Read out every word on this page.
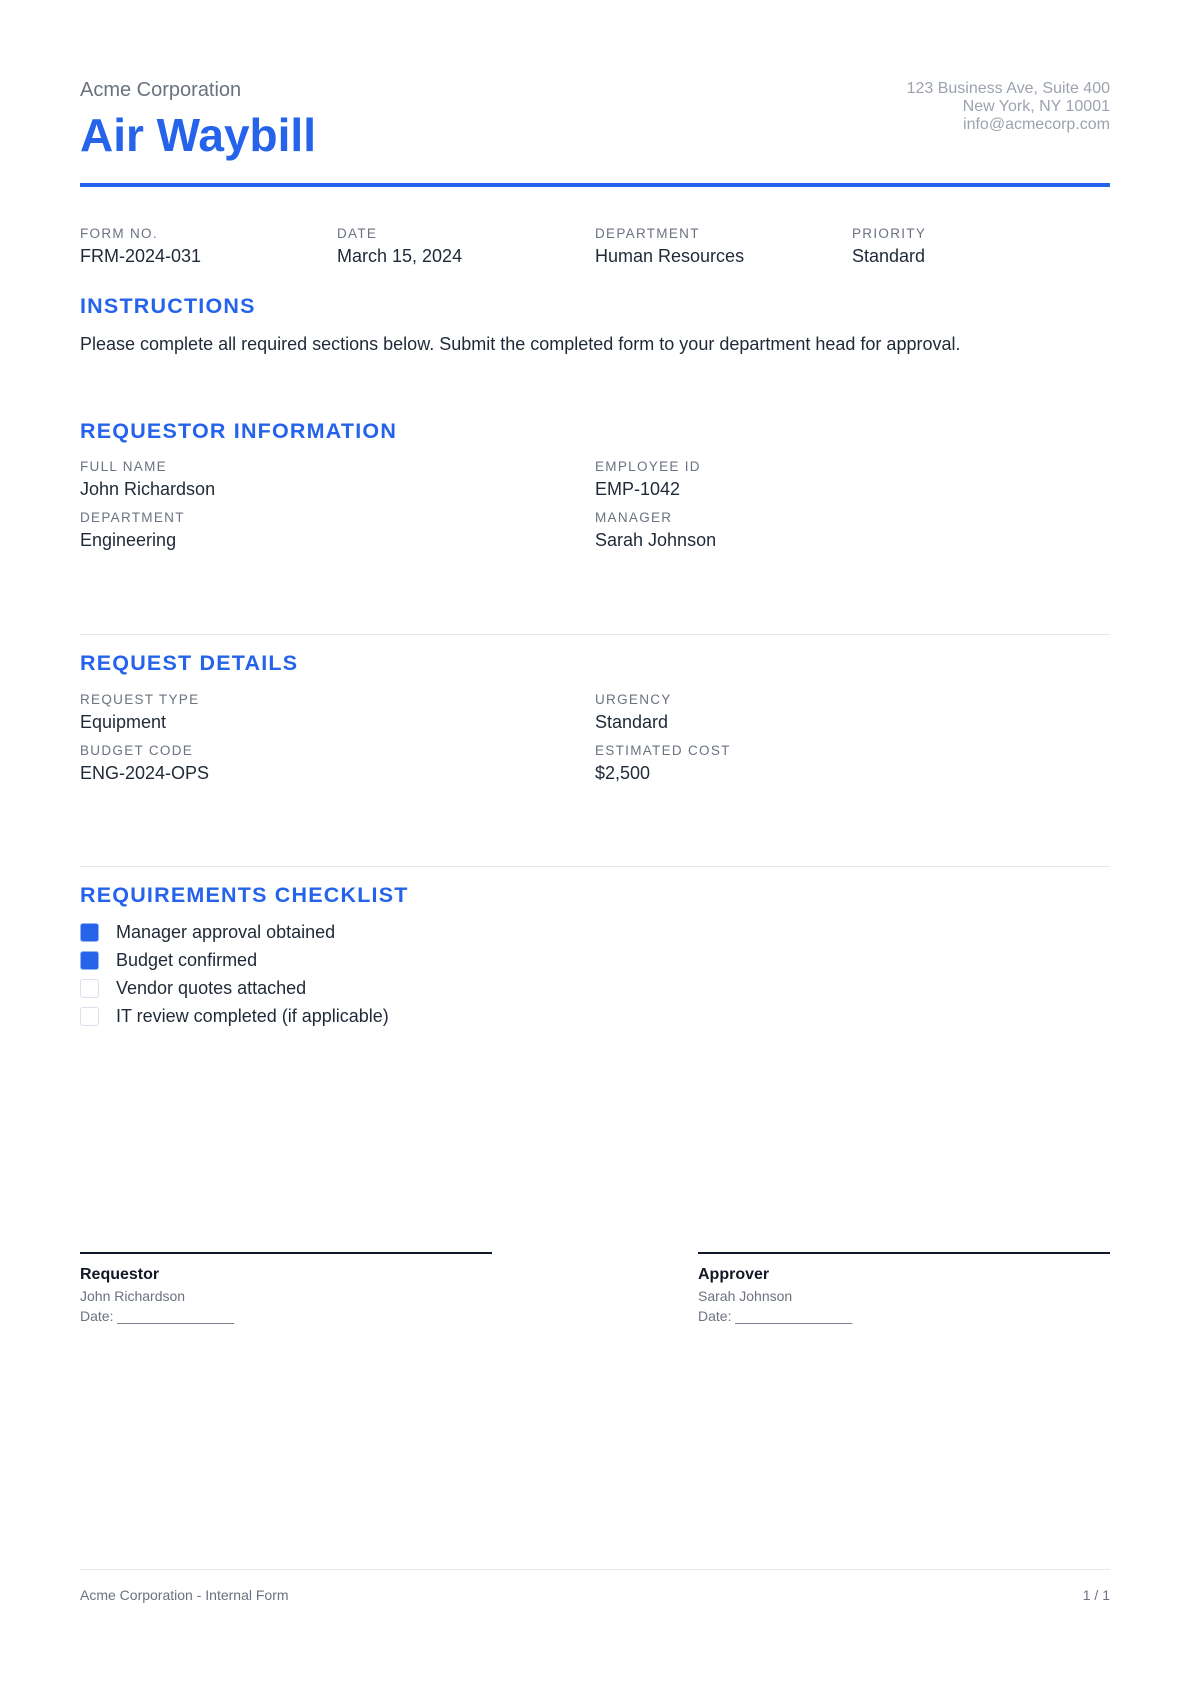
Acme Corporation
Air Waybill
123 Business Ave, Suite 400
New York, NY 10001
info@acmecorp.com
FORM NO.
FRM-2024-031
DATE
March 15, 2024
DEPARTMENT
Human Resources
PRIORITY
Standard
INSTRUCTIONS
Please complete all required sections below. Submit the completed form to your department head for approval.
REQUESTOR INFORMATION
FULL NAME
John Richardson
EMPLOYEE ID
EMP-1042
DEPARTMENT
Engineering
MANAGER
Sarah Johnson
REQUEST DETAILS
REQUEST TYPE
Equipment
URGENCY
Standard
BUDGET CODE
ENG-2024-OPS
ESTIMATED COST
$2,500
REQUIREMENTS CHECKLIST
Manager approval obtained
Budget confirmed
Vendor quotes attached
IT review completed (if applicable)
Requestor
John Richardson
Date: _______________
Approver
Sarah Johnson
Date: _______________
Acme Corporation - Internal Form	1 / 1
